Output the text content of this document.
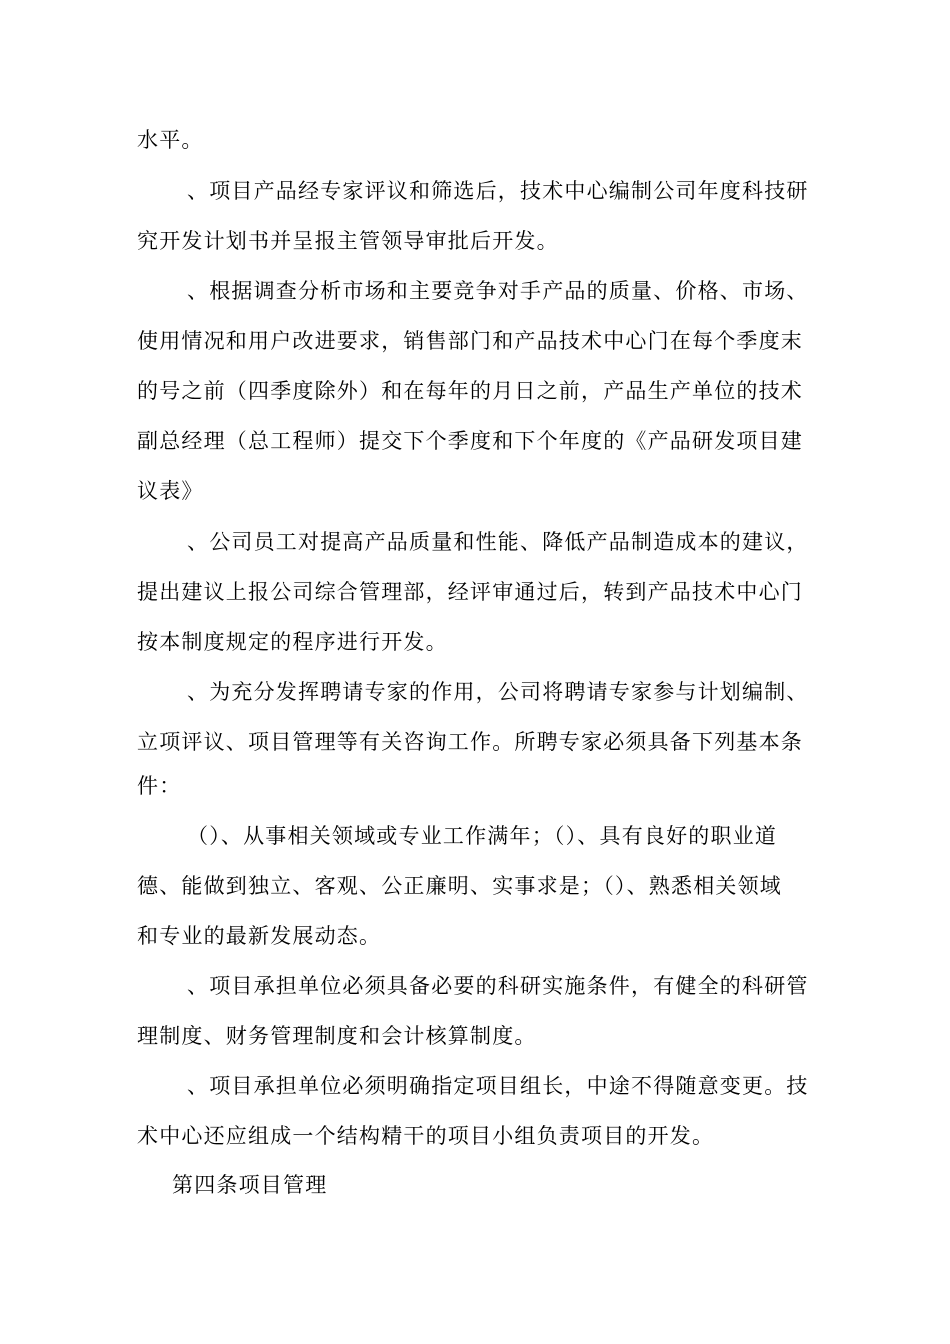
水平。
、项目产品经专家评议和筛选后，技术中心编制公司年度科技研
究开发计划书并呈报主管领导审批后开发。
、根据调查分析市场和主要竞争对手产品的质量、价格、市场、
使用情况和用户改进要求，销售部门和产品技术中心门在每个季度末
的号之前（四季度除外）和在每年的月日之前，产品生产单位的技术
副总经理（总工程师）提交下个季度和下个年度的《产品研发项目建
议表》
、公司员工对提高产品质量和性能、降低产品制造成本的建议，
提出建议上报公司综合管理部，经评审通过后，转到产品技术中心门
按本制度规定的程序进行开发。
、为充分发挥聘请专家的作用，公司将聘请专家参与计划编制、
立项评议、项目管理等有关咨询工作。所聘专家必须具备下列基本条
件：
（）、从事相关领域或专业工作满年；（）、具有良好的职业道
德、能做到独立、客观、公正廉明、实事求是；（）、熟悉相关领域
和专业的最新发展动态。
、项目承担单位必须具备必要的科研实施条件，有健全的科研管
理制度、财务管理制度和会计核算制度。
、项目承担单位必须明确指定项目组长，中途不得随意变更。技
术中心还应组成一个结构精干的项目小组负责项目的开发。
第四条项目管理
